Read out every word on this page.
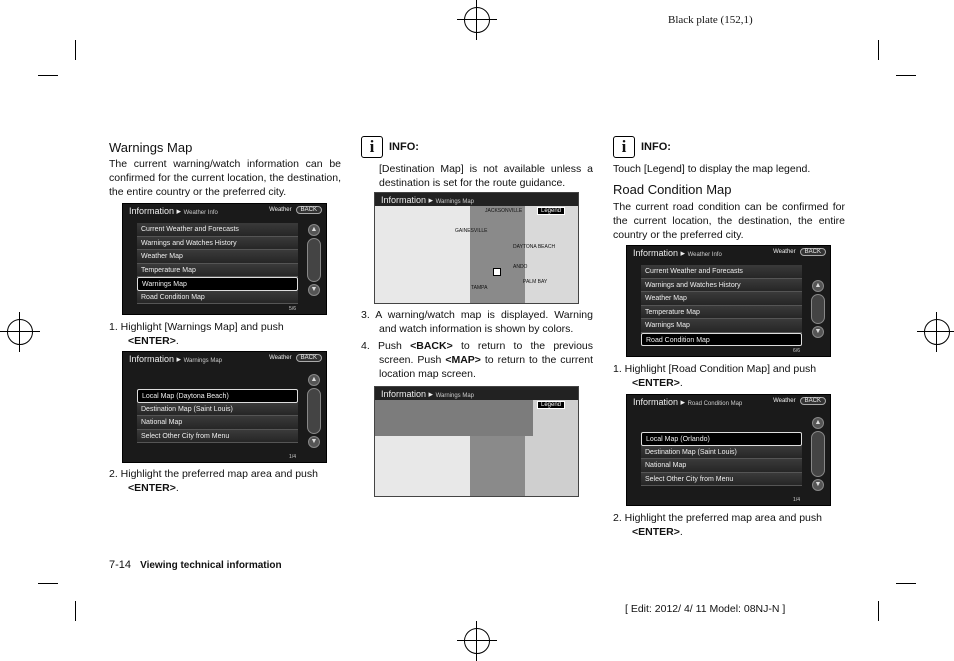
Black plate (152,1)
Warnings Map
The current warning/watch information can be confirmed for the current location, the destination, the entire country or the preferred city.
Information ▸ Weather Info	Weather	BACK
Current Weather and Forecasts
Warnings and Watches History
Weather Map
Temperature Map
Warnings Map
Road Condition Map
▲
▼
5/6
1. Highlight [Warnings Map] and push
<ENTER>.
Information ▸ Warnings Map	Weather	BACK
Local Map (Daytona Beach)
Destination Map (Saint Louis)
National Map
Select Other City from Menu
▲
▼
1/4
2. Highlight the preferred map area and push
<ENTER>.
i	INFO:
[Destination Map] is not available unless a destination is set for the route guidance.
Information ▸ Warnings Map
Legend
JACKSONVILLE
GAINESVILLE
DAYTONA BEACH
ANDO
PALM BAY
TAMPA
3. A warning/watch map is displayed. Warning and watch information is shown by colors.
4. Push <BACK> to return to the previous screen. Push <MAP> to return to the current location map screen.
Information ▸ Warnings Map
Legend
i	INFO:
Touch [Legend] to display the map legend.
Road Condition Map
The current road condition can be confirmed for the current location, the destination, the entire country or the preferred city.
Information ▸ Weather Info	Weather	BACK
Current Weather and Forecasts
Warnings and Watches History
Weather Map
Temperature Map
Warnings Map
Road Condition Map
▲
▼
6/6
1. Highlight [Road Condition Map] and push
<ENTER>.
Information ▸ Road Condition Map	Weather	BACK
Local Map (Orlando)
Destination Map (Saint Louis)
National Map
Select Other City from Menu
▲
▼
1/4
2. Highlight the preferred map area and push
<ENTER>.
7-14 Viewing technical information
[ Edit: 2012/ 4/ 11 Model: 08NJ-N ]
